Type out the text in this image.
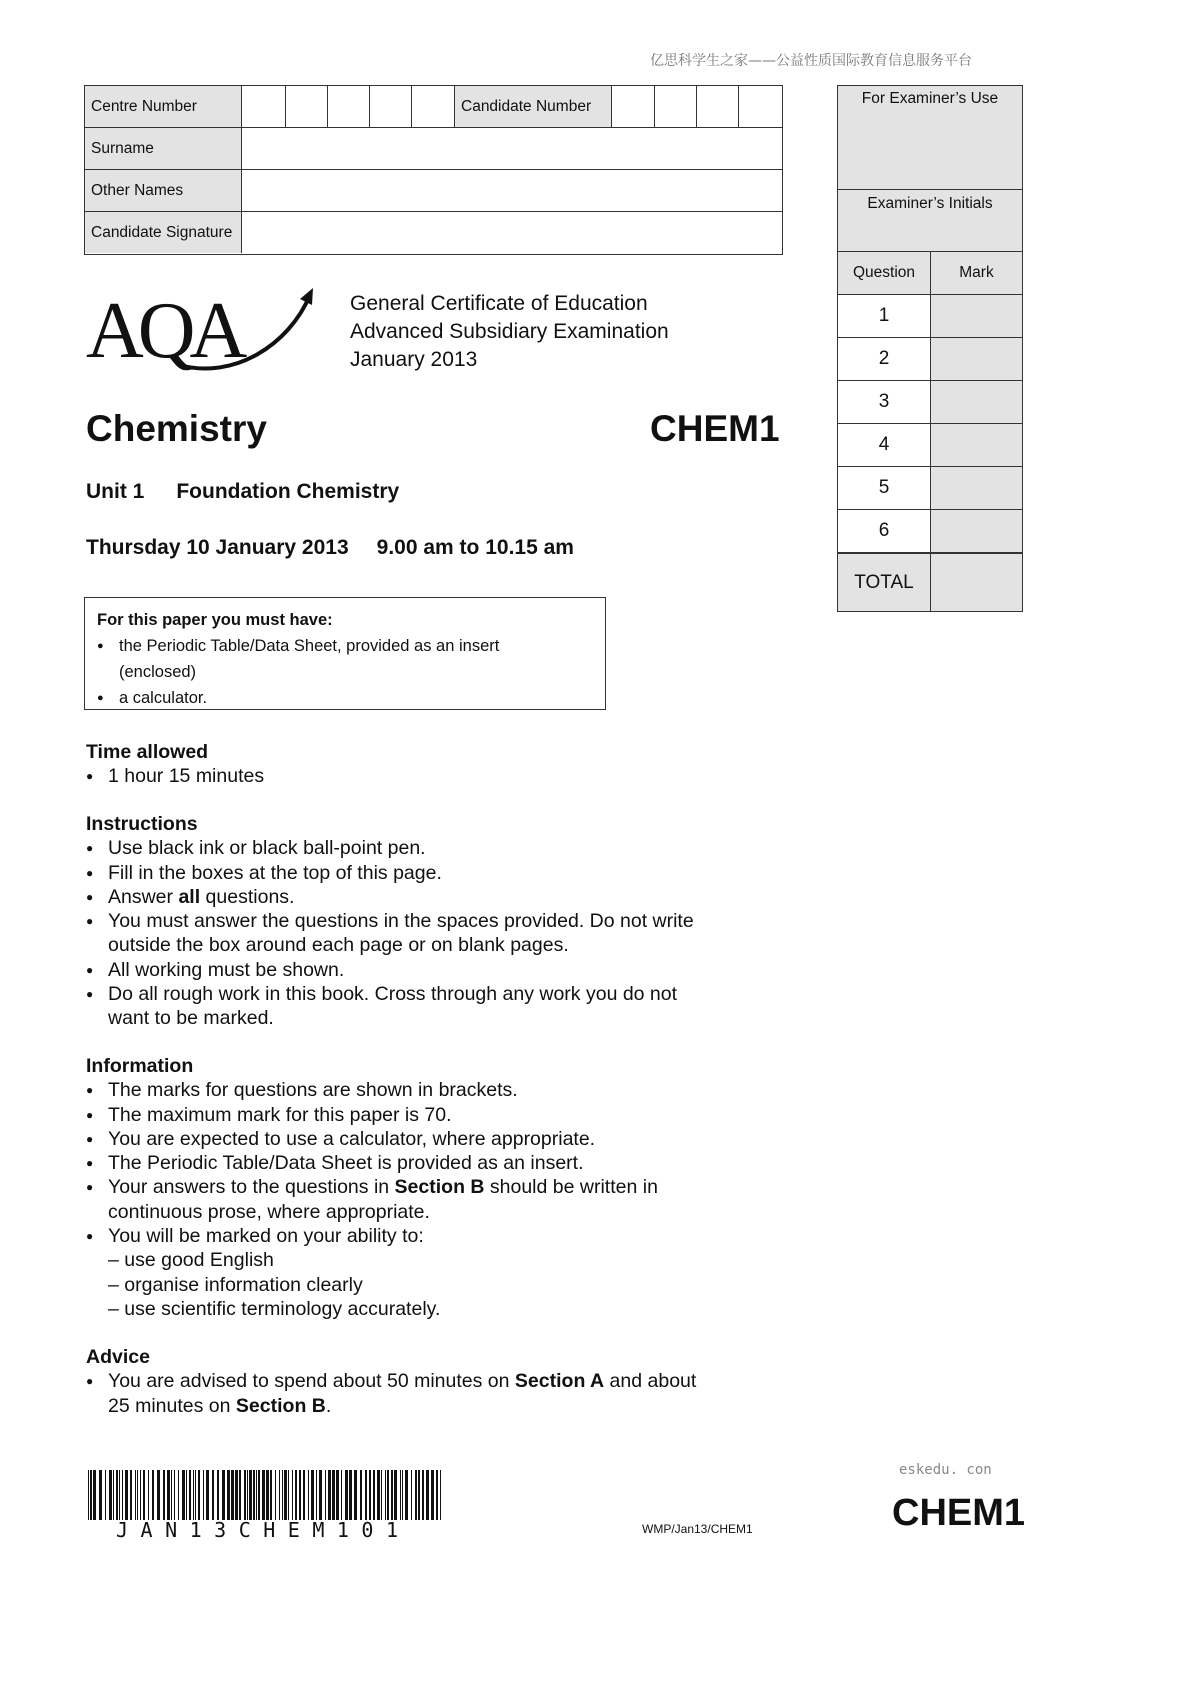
亿思科学生之家——公益性质国际教育信息服务平台
Centre Number	Candidate Number
Surname
Other Names
Candidate Signature
For Examiner’s Use
Examiner’s Initials
Question	Mark
1
2
3
4
5
6
TOTAL
AQA	General Certificate of Education
Advanced Subsidiary Examination
January 2013
Chemistry	CHEM1
Unit 1 Foundation Chemistry
Thursday 10 January 2013 9.00 am to 10.15 am
For this paper you must have:
● the Periodic Table/Data Sheet, provided as an insert
(enclosed)
● a calculator.
Time allowed
● 1 hour 15 minutes
Instructions
● Use black ink or black ball-point pen.
● Fill in the boxes at the top of this page.
● Answer all questions.
● You must answer the questions in the spaces provided. Do not write
outside the box around each page or on blank pages.
● All working must be shown.
● Do all rough work in this book. Cross through any work you do not
want to be marked.
Information
● The marks for questions are shown in brackets.
● The maximum mark for this paper is 70.
● You are expected to use a calculator, where appropriate.
● The Periodic Table/Data Sheet is provided as an insert.
● Your answers to the questions in Section B should be written in
continuous prose, where appropriate.
● You will be marked on your ability to:
– use good English
– organise information clearly
– use scientific terminology accurately.
Advice
● You are advised to spend about 50 minutes on Section A and about
25 minutes on Section B.
JAN13CHEM101	WMP/Jan13/CHEM1
eskedu. con
CHEM1
